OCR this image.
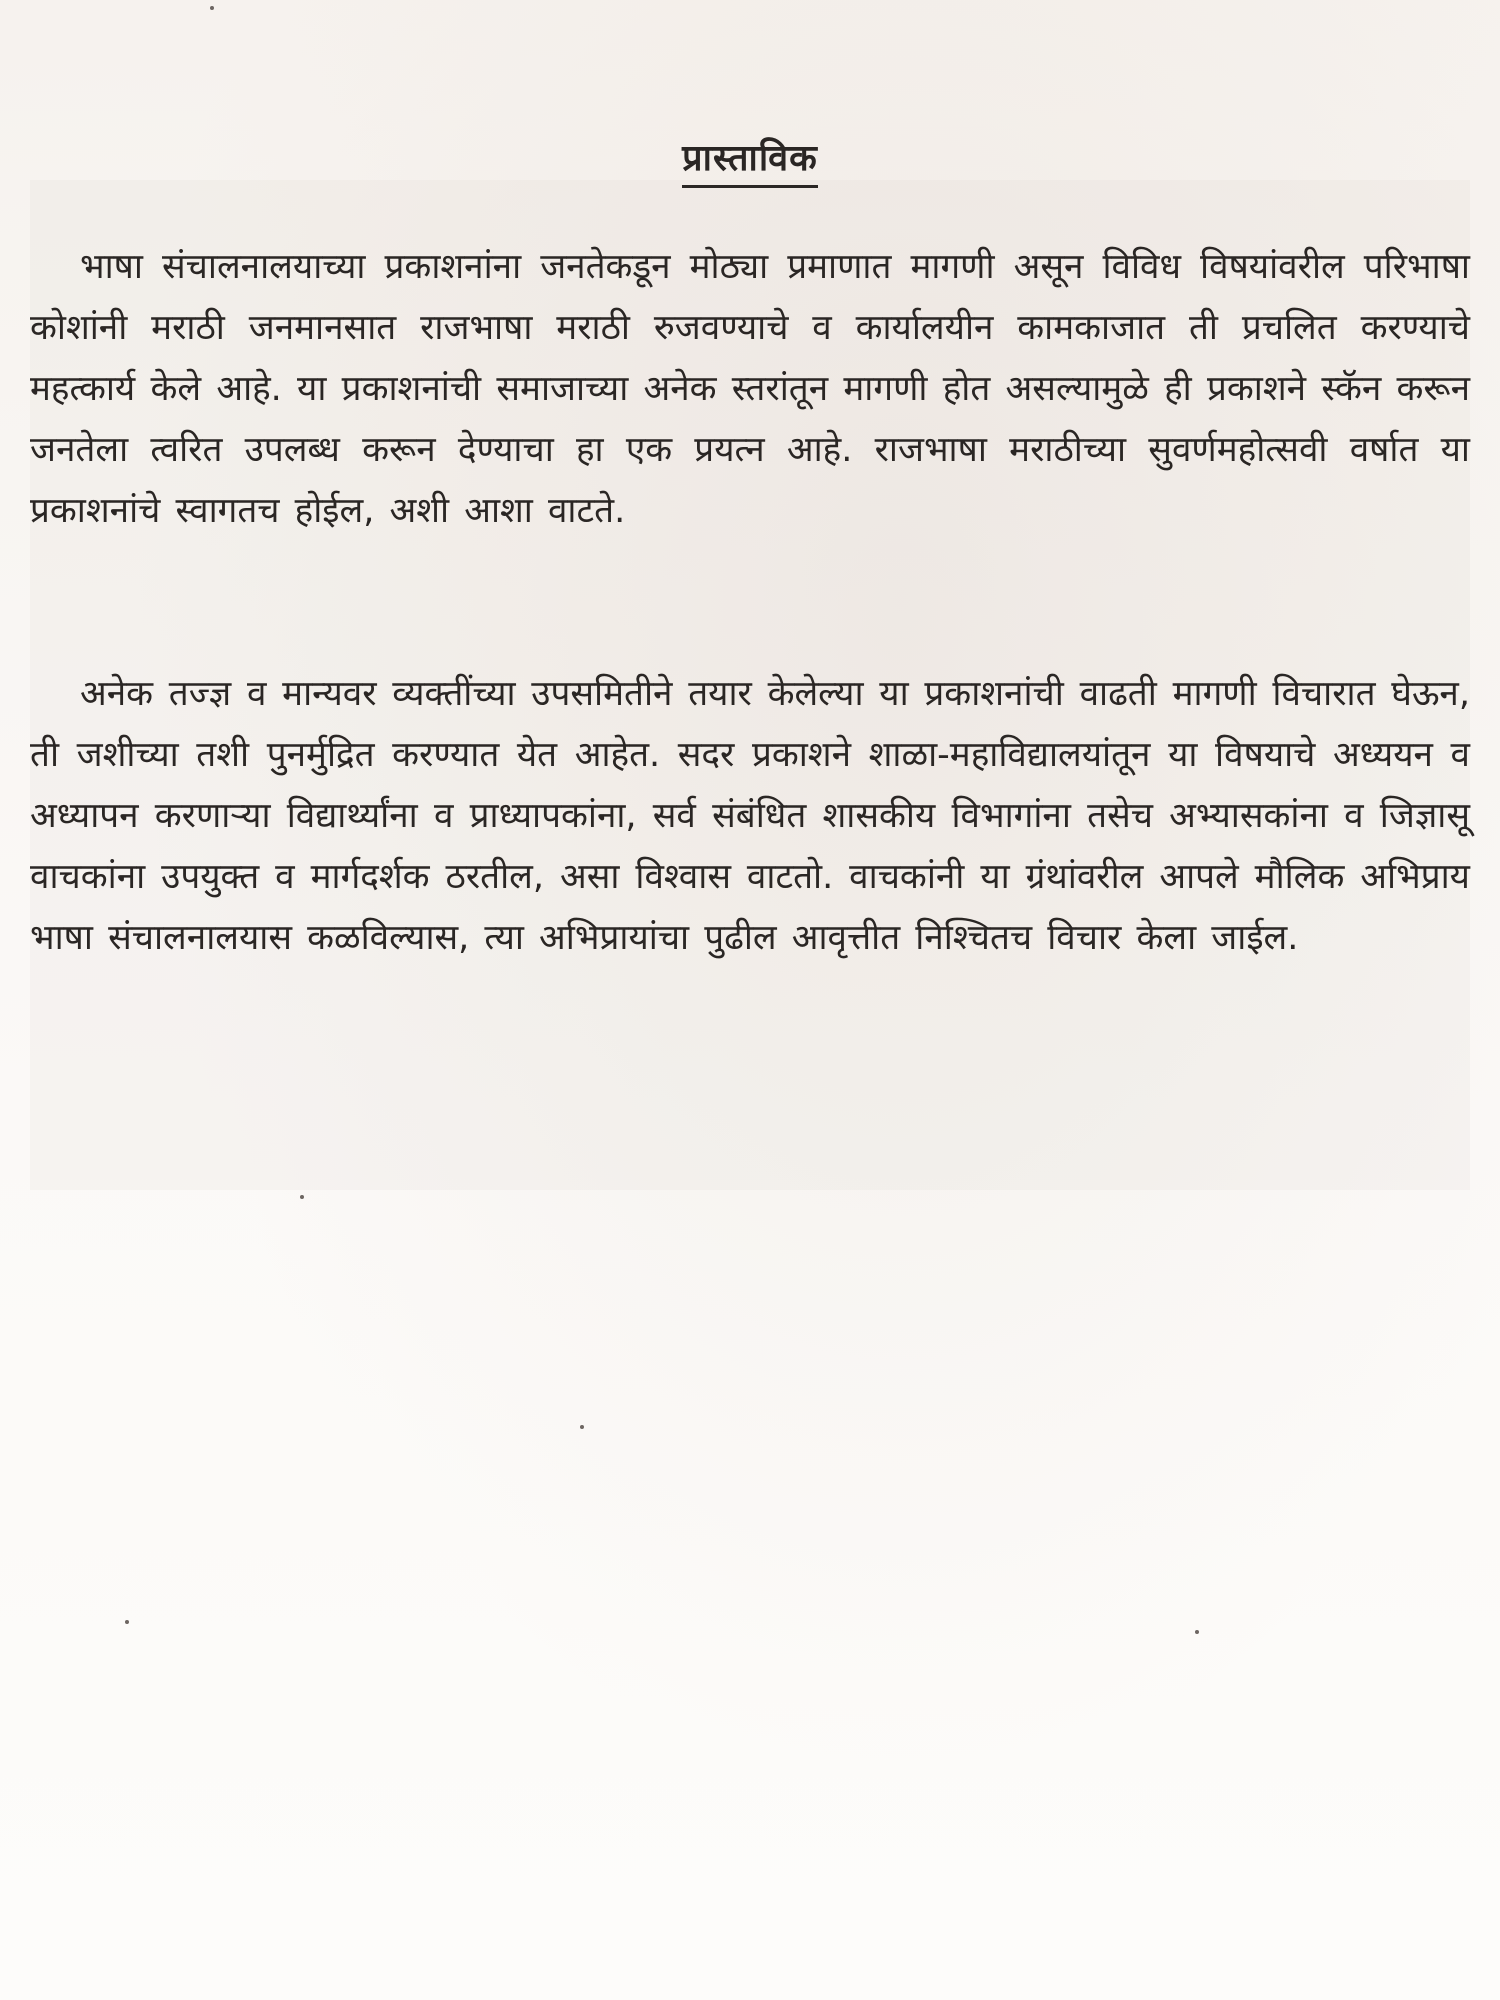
प्रास्ताविक

भाषा संचालनालयाच्या प्रकाशनांना जनतेकडून मोठ्या प्रमाणात मागणी असून विविध विषयांवरील परिभाषा कोशांनी मराठी जनमानसात राजभाषा मराठी रुजवण्याचे व कार्यालयीन कामकाजात ती प्रचलित करण्याचे महत्कार्य केले आहे. या प्रकाशनांची समाजाच्या अनेक स्तरांतून मागणी होत असल्यामुळे ही प्रकाशने स्कॅन करून जनतेला त्वरित उपलब्ध करून देण्याचा हा एक प्रयत्न आहे. राजभाषा मराठीच्या सुवर्णमहोत्सवी वर्षात या प्रकाशनांचे स्वागतच होईल, अशी आशा वाटते.

अनेक तज्ज्ञ व मान्यवर व्यक्तींच्या उपसमितीने तयार केलेल्या या प्रकाशनांची वाढती मागणी विचारात घेऊन, ती जशीच्या तशी पुनर्मुद्रित करण्यात येत आहेत. सदर प्रकाशने शाळा-महाविद्यालयांतून या विषयाचे अध्ययन व अध्यापन करणाऱ्या विद्यार्थ्यांना व प्राध्यापकांना, सर्व संबंधित शासकीय विभागांना तसेच अभ्यासकांना व जिज्ञासू वाचकांना उपयुक्त व मार्गदर्शक ठरतील, असा विश्वास वाटतो. वाचकांनी या ग्रंथांवरील आपले मौलिक अभिप्राय भाषा संचालनालयास कळविल्यास, त्या अभिप्रायांचा पुढील आवृत्तीत निश्चितच विचार केला जाईल.
